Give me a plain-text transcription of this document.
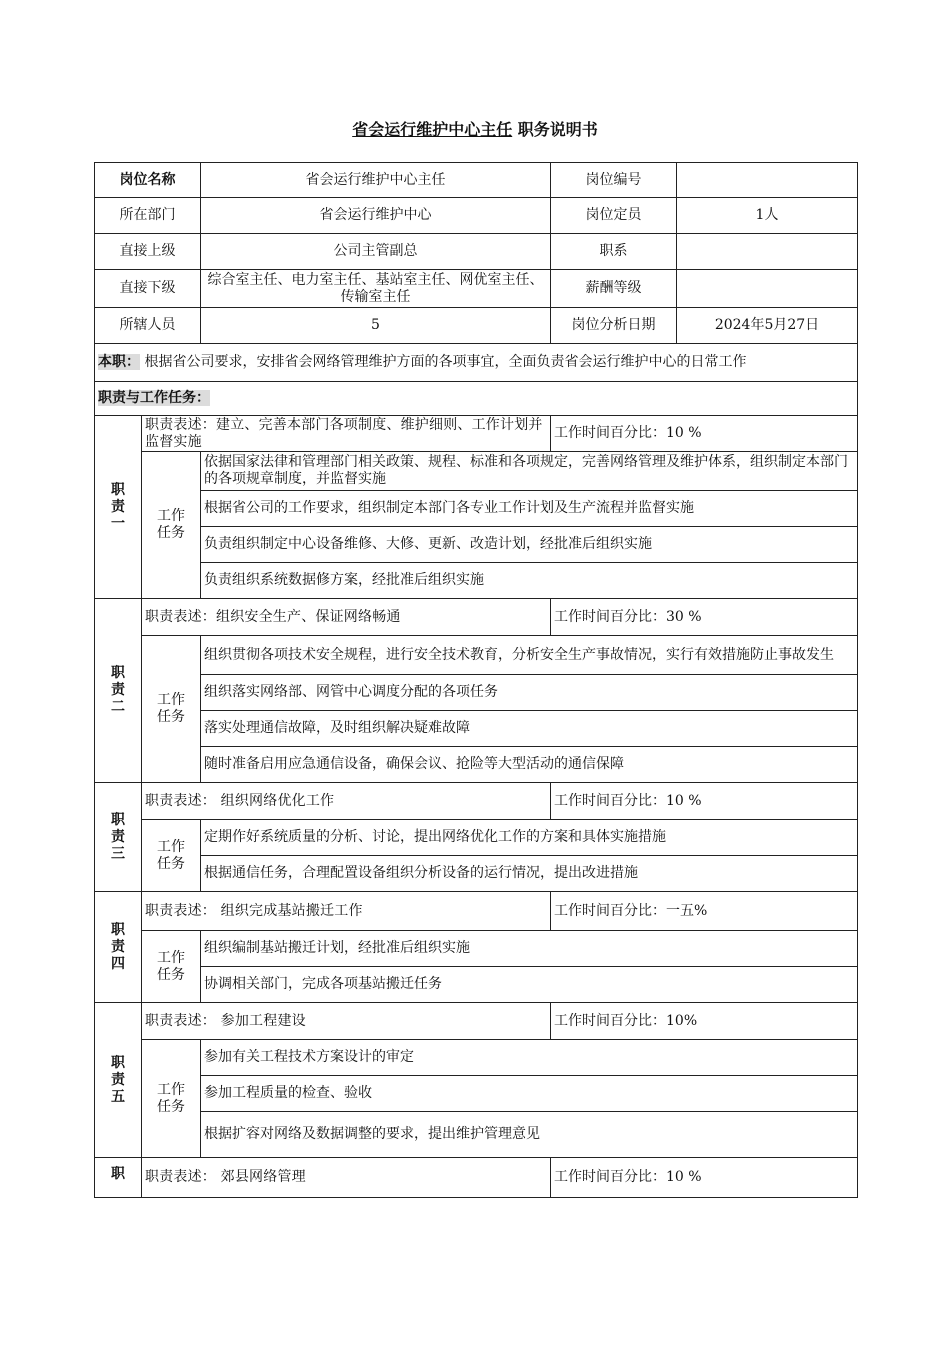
省会运行维护中心主任 职务说明书
岗位名称		省会运行维护中心主任	岗位编号	
所在部门		省会运行维护中心	岗位定员	1人
直接上级		公司主管副总	职系	
直接下级		综合室主任、电力室主任、基站室主任、网优室主任、传输室主任	薪酬等级	
所辖人员		5	岗位分析日期	2024年5月27日
本职： 根据省公司要求，安排省会网络管理维护方面的各项事宜，全面负责省会运行维护中心的日常工作				
职责与工作任务：				

职
责
一	职责表述：建立、完善本部门各项制度、维护细则、工作计划并监督实施		工作时间百分比：10 %	

	工作
任务	依据国家法律和管理部门相关政策、规程、标准和各项规定，完善网络管理及维护体系，组织制定本部门的各项规章制度，并监督实施		
		根据省公司的工作要求，组织制定本部门各专业工作计划及生产流程并监督实施		
		负责组织制定中心设备维修、大修、更新、改造计划，经批准后组织实施		
		负责组织系统数据修方案，经批准后组织实施		

职
责
二	职责表述：组织安全生产、保证网络畅通		工作时间百分比：30 %	

	工作
任务	组织贯彻各项技术安全规程，进行安全技术教育，分析安全生产事故情况，实行有效措施防止事故发生		
		组织落实网络部、网管中心调度分配的各项任务		
		落实处理通信故障，及时组织解决疑难故障		
		随时准备启用应急通信设备，确保会议、抢险等大型活动的通信保障		

职
责
三	职责表述： 组织网络优化工作		工作时间百分比：10 %	

	工作
任务	定期作好系统质量的分析、讨论，提出网络优化工作的方案和具体实施措施		
		根据通信任务，合理配置设备组织分析设备的运行情况，提出改进措施		

职
责
四	职责表述： 组织完成基站搬迁工作		工作时间百分比：一五%	

	工作
任务	组织编制基站搬迁计划，经批准后组织实施		
		协调相关部门，完成各项基站搬迁任务		

职
责
五	职责表述： 参加工程建设		工作时间百分比：10%	

	工作
任务	参加有关工程技术方案设计的审定		
		参加工程质量的检查、验收		
		根据扩容对网络及数据调整的要求，提出维护管理意见		

职	职责表述： 郊县网络管理		工作时间百分比：10 %	
